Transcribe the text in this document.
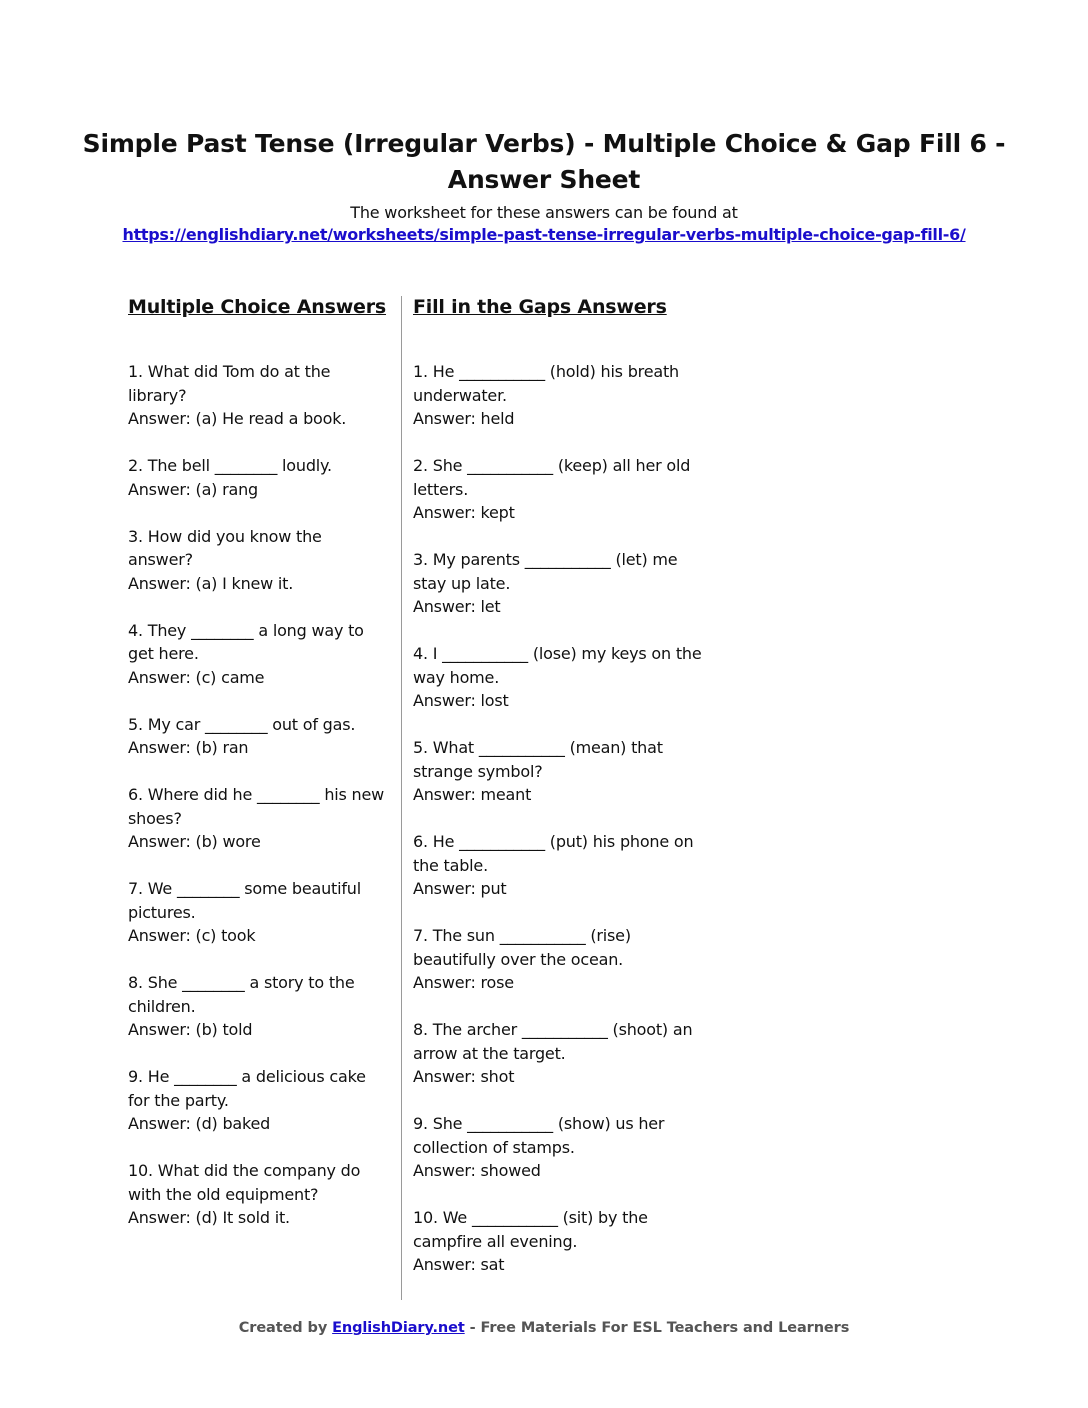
Simple Past Tense (Irregular Verbs) - Multiple Choice & Gap Fill 6 - Answer Sheet
The worksheet for these answers can be found at
https://englishdiary.net/worksheets/simple-past-tense-irregular-verbs-multiple-choice-gap-fill-6/
Multiple Choice Answers

1. What did Tom do at the library?

Answer: (a) He read a book.

2. The bell ________ loudly.

Answer: (a) rang

3. How did you know the answer?

Answer: (a) I knew it.

4. They ________ a long way to get here.

Answer: (c) came

5. My car ________ out of gas.

Answer: (b) ran

6. Where did he ________ his new shoes?

Answer: (b) wore

7. We ________ some beautiful pictures.

Answer: (c) took

8. She ________ a story to the children.

Answer: (b) told

9. He ________ a delicious cake for the party.

Answer: (d) baked

10. What did the company do with the old equipment?

Answer: (d) It sold it.

Fill in the Gaps Answers

1. He ___________ (hold) his breath underwater.

Answer: held

2. She ___________ (keep) all her old letters.

Answer: kept

3. My parents ___________ (let) me stay up late.

Answer: let

4. I ___________ (lose) my keys on the way home.

Answer: lost

5. What ___________ (mean) that strange symbol?

Answer: meant

6. He ___________ (put) his phone on the table.

Answer: put

7. The sun ___________ (rise) beautifully over the ocean.

Answer: rose

8. The archer ___________ (shoot) an arrow at the target.

Answer: shot

9. She ___________ (show) us her collection of stamps.

Answer: showed

10. We ___________ (sit) by the campfire all evening.

Answer: sat

Created by EnglishDiary.net - Free Materials For ESL Teachers and Learners
